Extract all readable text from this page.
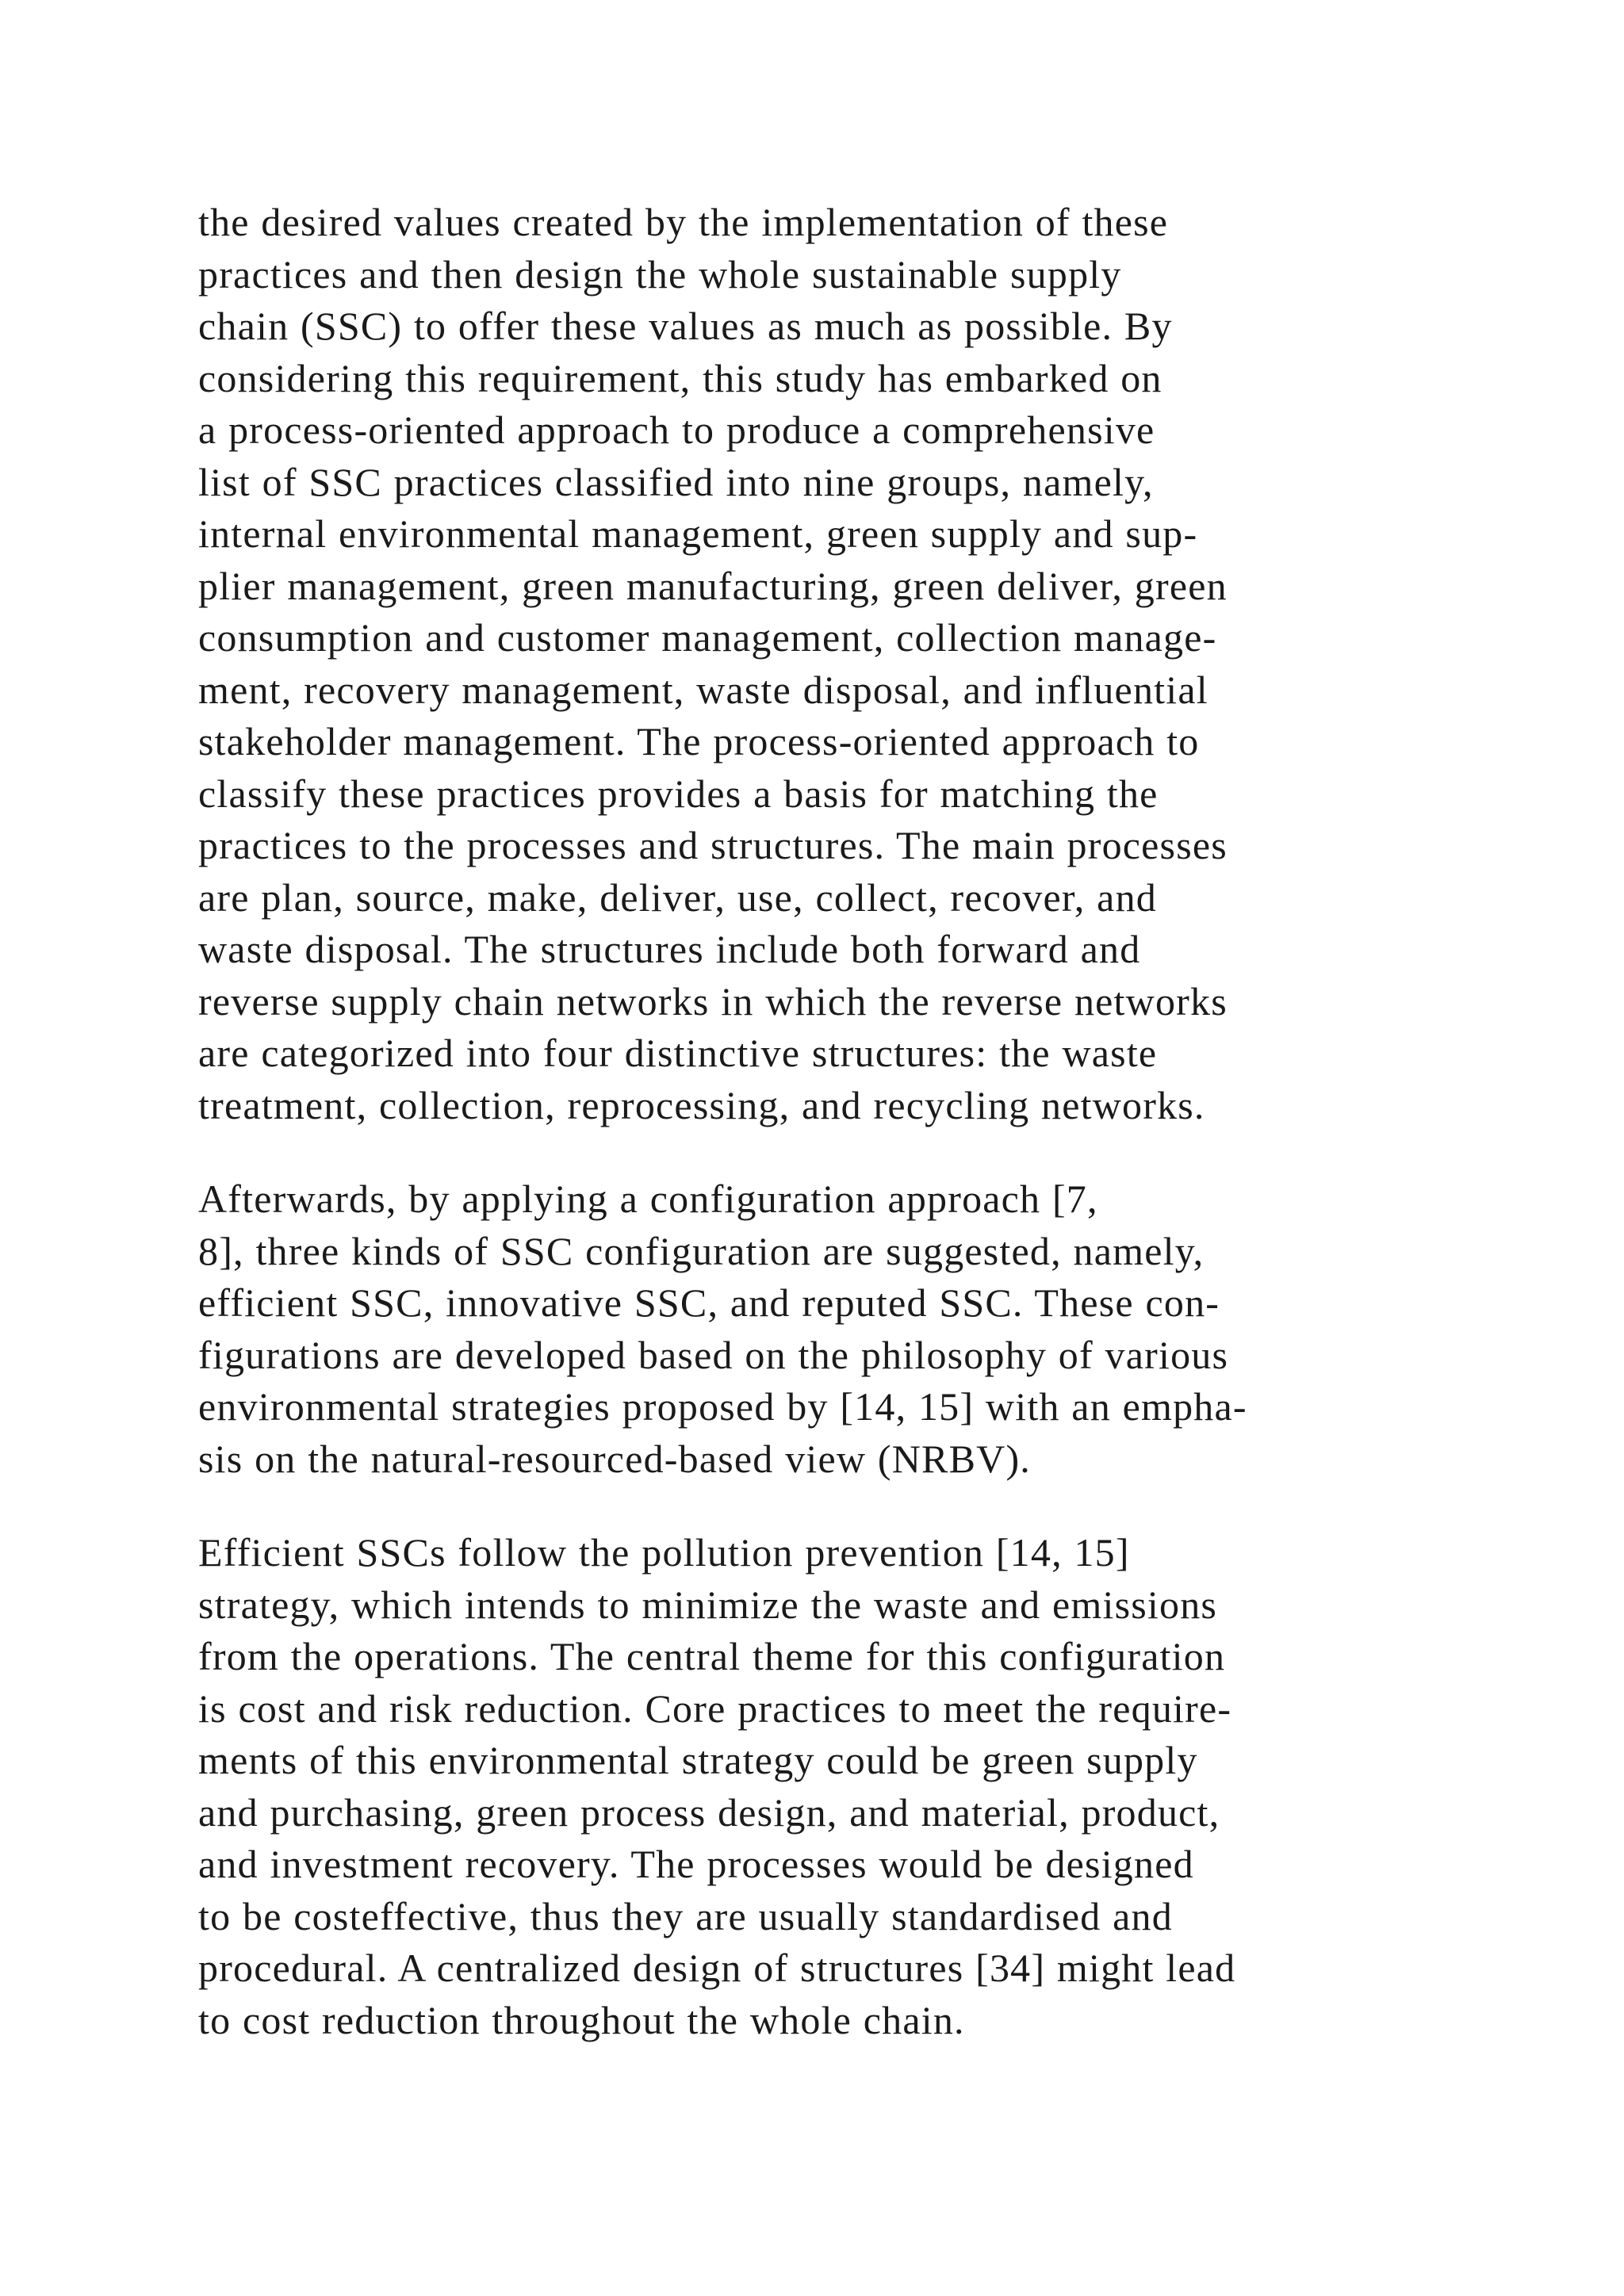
the desired values created by the implementation of these
practices and then design the whole sustainable supply
chain (SSC) to offer these values as much as possible. By
considering this requirement, this study has embarked on
a process-oriented approach to produce a comprehensive
list of SSC practices classified into nine groups, namely,
internal environmental management, green supply and sup-
plier management, green manufacturing, green deliver, green
consumption and customer management, collection manage-
ment, recovery management, waste disposal, and influential
stakeholder management. The process-oriented approach to
classify these practices provides a basis for matching the
practices to the processes and structures. The main processes
are plan, source, make, deliver, use, collect, recover, and
waste disposal. The structures include both forward and
reverse supply chain networks in which the reverse networks
are categorized into four distinctive structures: the waste
treatment, collection, reprocessing, and recycling networks.
Afterwards, by applying a configuration approach [7,
8], three kinds of SSC configuration are suggested, namely,
efficient SSC, innovative SSC, and reputed SSC. These con-
figurations are developed based on the philosophy of various
environmental strategies proposed by [14, 15] with an empha-
sis on the natural-resourced-based view (NRBV).
Efficient SSCs follow the pollution prevention [14, 15]
strategy, which intends to minimize the waste and emissions
from the operations. The central theme for this configuration
is cost and risk reduction. Core practices to meet the require-
ments of this environmental strategy could be green supply
and purchasing, green process design, and material, product,
and investment recovery. The processes would be designed
to be costeffective, thus they are usually standardised and
procedural. A centralized design of structures [34] might lead
to cost reduction throughout the whole chain.
